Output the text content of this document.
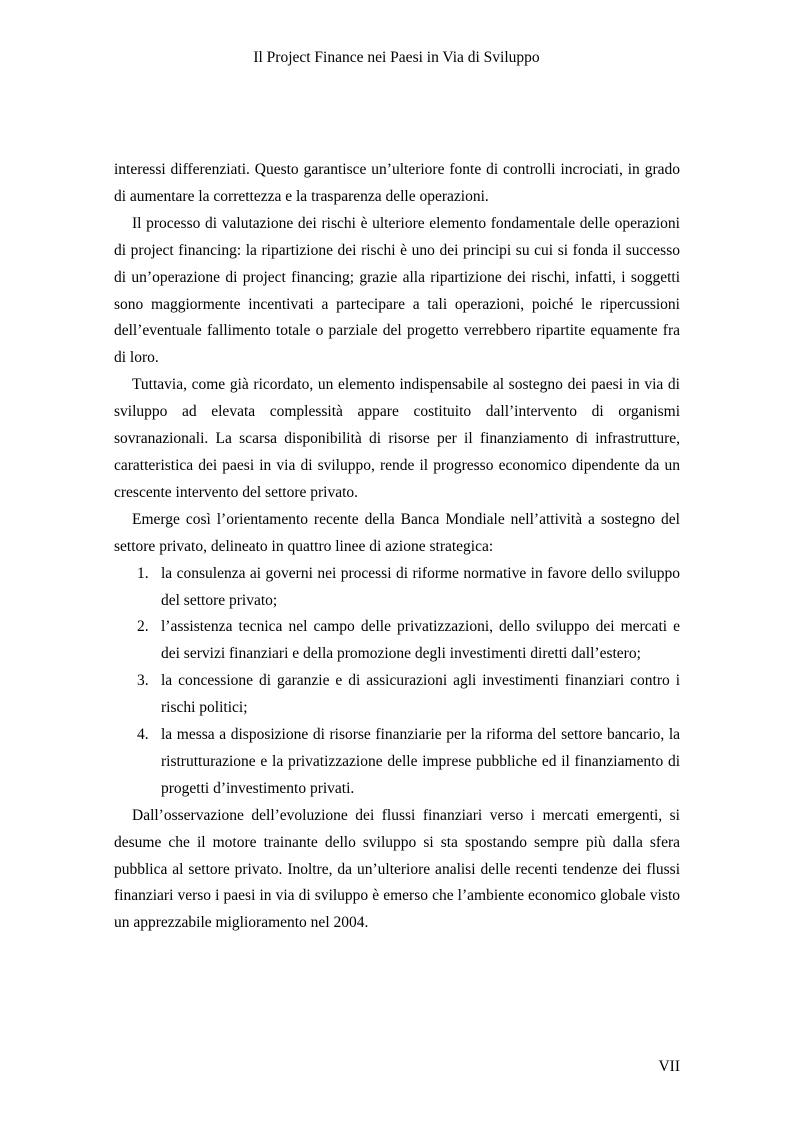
Il Project Finance nei Paesi in Via di Sviluppo

interessi differenziati. Questo garantisce un’ulteriore fonte di controlli incrociati, in grado di aumentare la correttezza e la trasparenza delle operazioni.

Il processo di valutazione dei rischi è ulteriore elemento fondamentale delle operazioni di project financing: la ripartizione dei rischi è uno dei principi su cui si fonda il successo di un’operazione di project financing; grazie alla ripartizione dei rischi, infatti, i soggetti sono maggiormente incentivati a partecipare a tali operazioni, poiché le ripercussioni dell’eventuale fallimento totale o parziale del progetto verrebbero ripartite equamente fra di loro.

Tuttavia, come già ricordato, un elemento indispensabile al sostegno dei paesi in via di sviluppo ad elevata complessità appare costituito dall’intervento di organismi sovranazionali. La scarsa disponibilità di risorse per il finanziamento di infrastrutture, caratteristica dei paesi in via di sviluppo, rende il progresso economico dipendente da un crescente intervento del settore privato.

Emerge così l’orientamento recente della Banca Mondiale nell’attività a sostegno del settore privato, delineato in quattro linee di azione strategica:

1. la consulenza ai governi nei processi di riforme normative in favore dello sviluppo del settore privato;
2. l’assistenza tecnica nel campo delle privatizzazioni, dello sviluppo dei mercati e dei servizi finanziari e della promozione degli investimenti diretti dall’estero;
3. la concessione di garanzie e di assicurazioni agli investimenti finanziari contro i rischi politici;
4. la messa a disposizione di risorse finanziarie per la riforma del settore bancario, la ristrutturazione e la privatizzazione delle imprese pubbliche ed il finanziamento di progetti d’investimento privati.

Dall’osservazione dell’evoluzione dei flussi finanziari verso i mercati emergenti, si desume che il motore trainante dello sviluppo si sta spostando sempre più dalla sfera pubblica al settore privato. Inoltre, da un’ulteriore analisi delle recenti tendenze dei flussi finanziari verso i paesi in via di sviluppo è emerso che l’ambiente economico globale visto un apprezzabile miglioramento nel 2004.

VII
